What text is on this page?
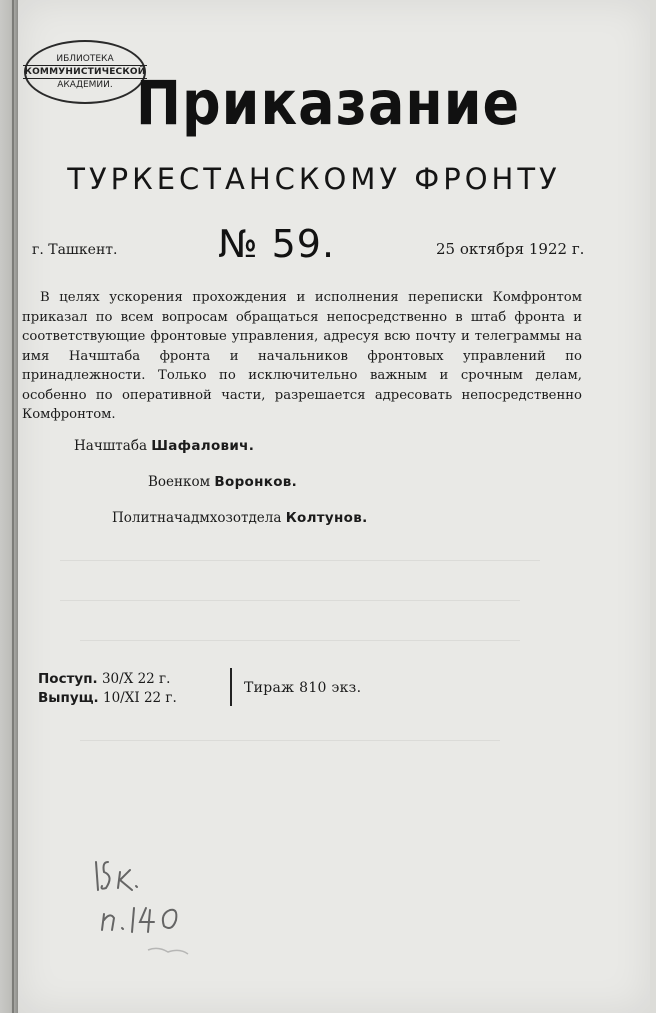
ИБЛИОТЕКА
КОММУНИСТИЧЕСКОЙ
АКАДЕМИИ. Приказание
ТУРКЕСТАНСКОМУ ФРОНТУ
г. Ташкент.	№ 59.	25 октября 1922 г.
В целях ускорения прохождения и исполнения переписки Комфронтом приказал по всем вопросам обращаться непосредственно в штаб фронта и соответствующие фронтовые управления, адресуя всю почту и телеграммы на имя Начштаба фронта и начальников фронтовых управлений по принадлежности. Только по исключительно важным и срочным делам, особенно по оперативной части, разрешается адресовать непосредственно Комфронтом.
Начштаба Шафалович.
Военком Воронков.
Политначадмхозотдела Колтунов.
Поступ. 30/X 22 г.
Выпущ. 10/XI 22 г.
Тираж 810 экз.
